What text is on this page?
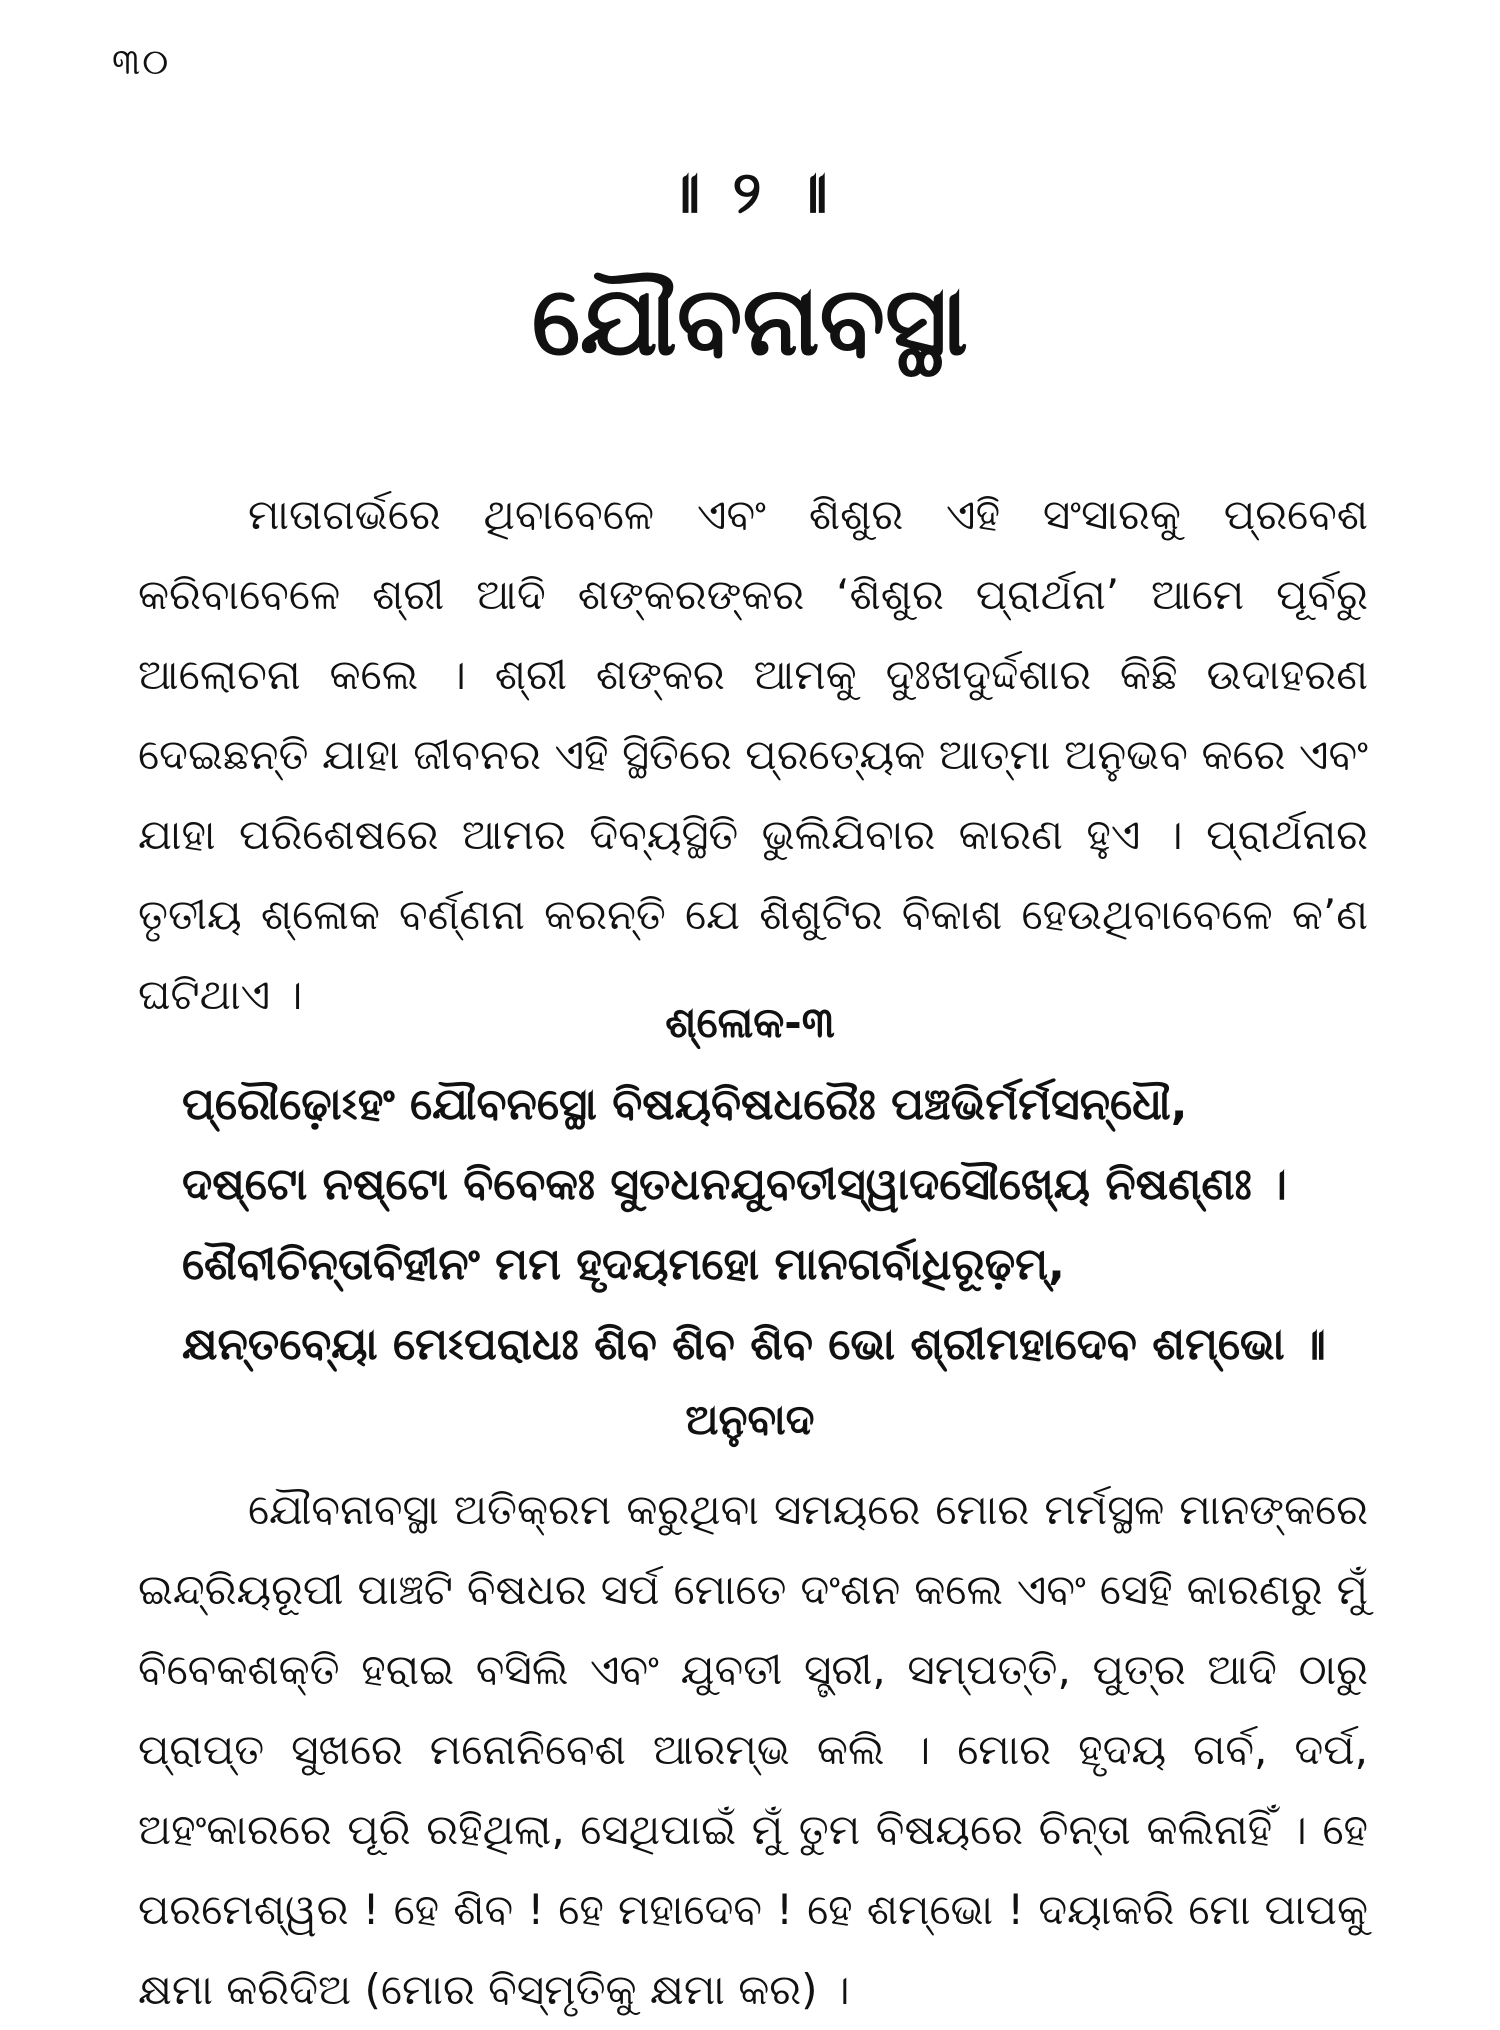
୩୦
॥ ୨ ॥
ଯୌବନାବସ୍ଥା

ମାତାଗର୍ଭରେ ଥିବାବେଳେ ଏବଂ ଶିଶୁର ଏହି ସଂସାରକୁ ପ୍ରବେଶ କରିବାବେଳେ ଶ୍ରୀ ଆଦି ଶଙ୍କରଙ୍କର ‘ଶିଶୁର ପ୍ରାର୍ଥନା’ ଆମେ ପୂର୍ବରୁ ଆଲୋଚନା କଲେ । ଶ୍ରୀ ଶଙ୍କର ଆମକୁ ଦୁଃଖଦୁର୍ଦ୍ଦଶାର କିଛି ଉଦାହରଣ ଦେଇଛନ୍ତି ଯାହା ଜୀବନର ଏହି ସ୍ଥିତିରେ ପ୍ରତ୍ୟେକ ଆତ୍ମା ଅନୁଭବ କରେ ଏବଂ ଯାହା ପରିଶେଷରେ ଆମର ଦିବ୍ୟସ୍ଥିତି ଭୁଲିଯିବାର କାରଣ ହୁଏ । ପ୍ରାର୍ଥନାର ତୃତୀୟ ଶ୍ଳୋକ ବର୍ଣ୍ଣନା କରନ୍ତି ଯେ ଶିଶୁଟିର ବିକାଶ ହେଉଥିବାବେଳେ କ’ଣ ଘଟିଥାଏ ।

ଶ୍ଳୋକ-୩
ପ୍ରୌଢ଼ୋଽହଂ ଯୌବନସ୍ଥୋ ବିଷୟବିଷଧରୈଃ ପଞ୍ଚଭିର୍ମର୍ମସନ୍ଧୌ,
ଦଷ୍ଟୋ ନଷ୍ଟୋ ବିବେକଃ ସୁତଧନଯୁବତୀସ୍ୱାଦସୌଖ୍ୟେ ନିଷଣ୍ଣଃ ।
ଶୈବୀଚିନ୍ତାବିହୀନଂ ମମ ହୃଦୟମହୋ ମାନଗର୍ବାଧିରୂଢ଼ମ୍,
କ୍ଷନ୍ତବ୍ୟୋ ମେଽପରାଧଃ ଶିବ ଶିବ ଶିବ ଭୋ ଶ୍ରୀମହାଦେବ ଶମ୍ଭୋ ॥
ଅନୁବାଦ

ଯୌବନାବସ୍ଥା ଅତିକ୍ରମ କରୁଥିବା ସମୟରେ ମୋର ମର୍ମସ୍ଥଳ ମାନଙ୍କରେ ଇନ୍ଦ୍ରିୟରୂପୀ ପାଞ୍ଚଟି ବିଷଧର ସର୍ପ ମୋତେ ଦଂଶନ କଲେ ଏବଂ ସେହି କାରଣରୁ ମୁଁ ବିବେକଶକ୍ତି ହରାଇ ବସିଲି ଏବଂ ଯୁବତୀ ସ୍ତ୍ରୀ, ସମ୍ପତ୍ତି, ପୁତ୍ର ଆଦି ଠାରୁ ପ୍ରାପ୍ତ ସୁଖରେ ମନୋନିବେଶ ଆରମ୍ଭ କଲି । ମୋର ହୃଦୟ ଗର୍ବ, ଦର୍ପ, ଅହଂକାରରେ ପୂରି ରହିଥିଲା, ସେଥିପାଇଁ ମୁଁ ତୁମ ବିଷୟରେ ଚିନ୍ତା କଲିନାହିଁ । ହେ ପରମେଶ୍ୱର ! ହେ ଶିବ ! ହେ ମହାଦେବ ! ହେ ଶମ୍ଭୋ ! ଦୟାକରି ମୋ ପାପକୁ କ୍ଷମା କରିଦିଅ (ମୋର ବିସ୍ମୃତିକୁ କ୍ଷମା କର) ।
